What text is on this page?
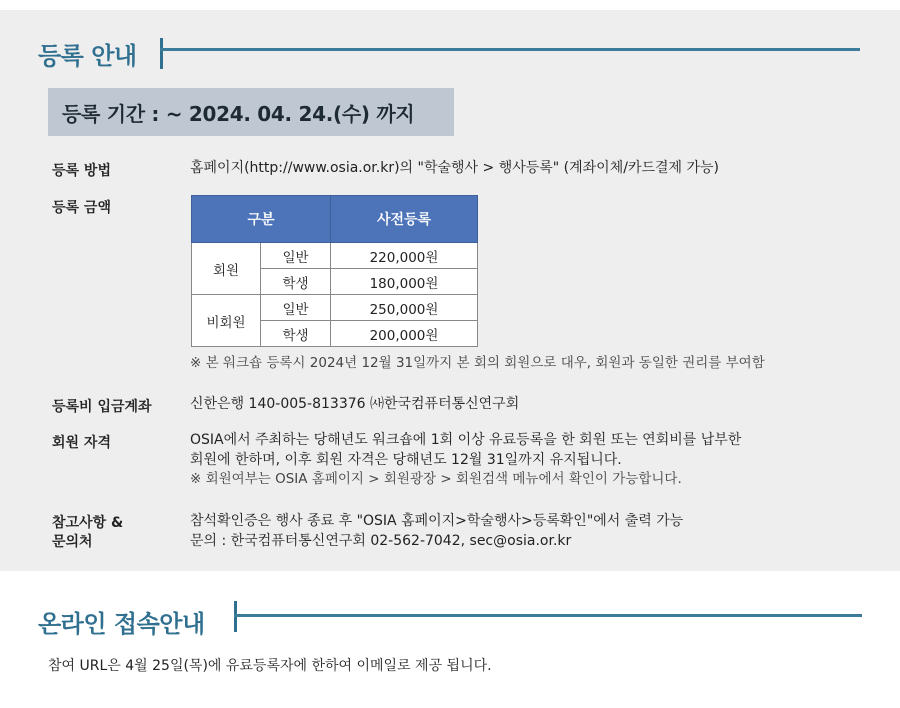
등록 안내
등록 기간 : ~ 2024. 04. 24.(수) 까지
등록 방법	홈페이지(http://www.osia.or.kr)의 "학술행사 > 행사등록" (계좌이체/카드결제 가능)
등록 금액
구분		사전등록
회원	일반	220,000원
	학생	180,000원
비회원	일반	250,000원
	학생	200,000원
※ 본 워크숍 등록시 2024년 12월 31일까지 본 회의 회원으로 대우, 회원과 동일한 권리를 부여함
등록비 입금계좌	신한은행 140-005-813376 ㈔한국컴퓨터통신연구회
회원 자격	OSIA에서 주최하는 당해년도 워크숍에 1회 이상 유료등록을 한 회원 또는 연회비를 납부한
회원에 한하며, 이후 회원 자격은 당해년도 12월 31일까지 유지됩니다.
※ 회원여부는 OSIA 홈페이지 > 회원광장 > 회원검색 메뉴에서 확인이 가능합니다.
참고사항 &
문의처
참석확인증은 행사 종료 후 "OSIA 홈페이지>학술행사>등록확인"에서 출력 가능
문의 : 한국컴퓨터통신연구회 02-562-7042, sec@osia.or.kr
온라인 접속안내
참여 URL은 4월 25일(목)에 유료등록자에 한하여 이메일로 제공 됩니다.
